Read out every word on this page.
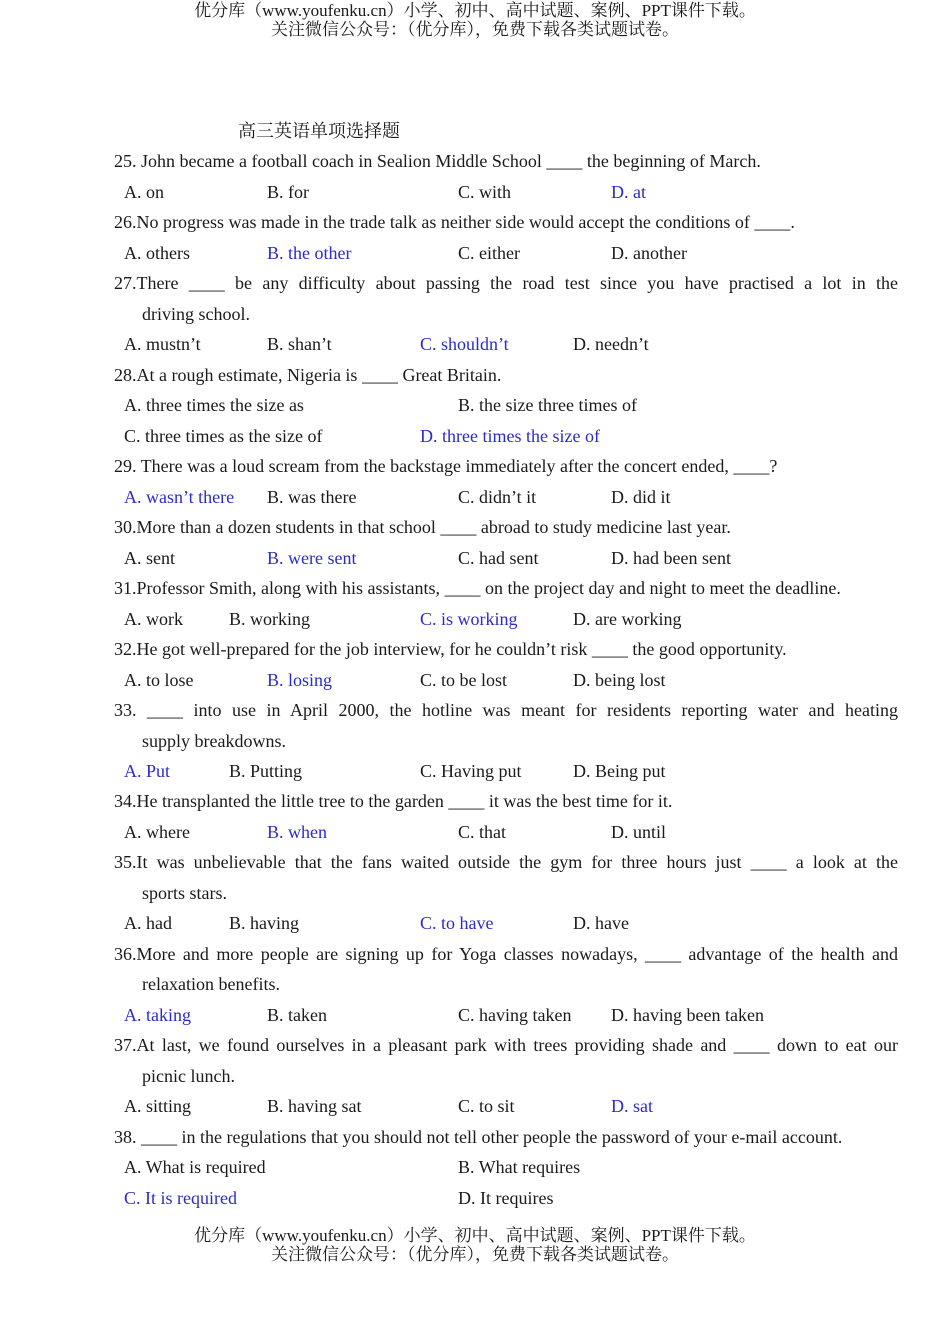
优分库（www.youfenku.cn）小学、初中、高中试题、案例、PPT课件下载。
关注微信公众号：（优分库），免费下载各类试题试卷。
高三英语单项选择题
25. John became a football coach in Sealion Middle School ____ the beginning of March.
A. on	B. for	C. with	D. at
26.No progress was made in the trade talk as neither side would accept the conditions of ____.
A. others	B. the other	C. either	D. another
27.There ____ be any difficulty about passing the road test since you have practised a lot in the
driving school.
A. mustn’t	B. shan’t	C. shouldn’t	D. needn’t
28.At a rough estimate, Nigeria is ____ Great Britain.
A. three times the size as	B. the size three times of
C. three times as the size of	D. three times the size of
29. There was a loud scream from the backstage immediately after the concert ended, ____?
A. wasn’t there B. was there	C. didn’t it	D. did it
30.More than a dozen students in that school ____ abroad to study medicine last year.
A. sent	B. were sent	C. had sent	D. had been sent
31.Professor Smith, along with his assistants, ____ on the project day and night to meet the deadline.
A. work	B. working	C. is working	D. are working
32.He got well-prepared for the job interview, for he couldn’t risk ____ the good opportunity.
A. to lose	B. losing	C. to be lost	D. being lost
33. ____ into use in April 2000, the hotline was meant for residents reporting water and heating
supply breakdowns.
A. Put	B. Putting	C. Having put	D. Being put
34.He transplanted the little tree to the garden ____ it was the best time for it.
A. where	B. when	C. that	D. until
35.It was unbelievable that the fans waited outside the gym for three hours just ____ a look at the
sports stars.
A. had	B. having	C. to have	D. have
36.More and more people are signing up for Yoga classes nowadays, ____ advantage of the health and
relaxation benefits.
A. taking	B. taken	C. having taken D. having been taken
37.At last, we found ourselves in a pleasant park with trees providing shade and ____ down to eat our
picnic lunch.
A. sitting	B. having sat	C. to sit	D. sat
38. ____ in the regulations that you should not tell other people the password of your e-mail account.
A. What is required	B. What requires
C. It is required	D. It requires
优分库（www.youfenku.cn）小学、初中、高中试题、案例、PPT课件下载。
关注微信公众号：（优分库），免费下载各类试题试卷。
